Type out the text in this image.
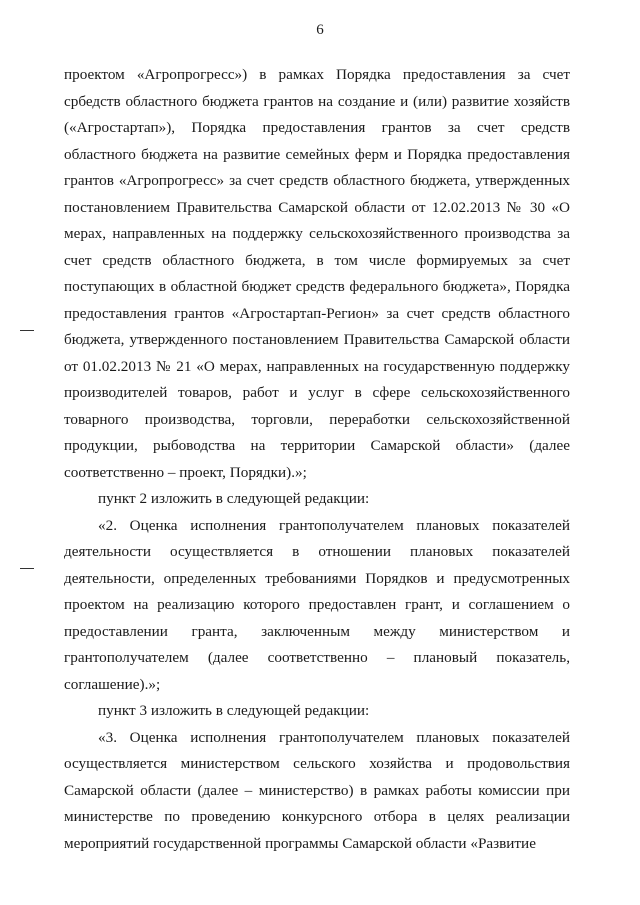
6

проектом «Агропрогресс») в рамках Порядка предоставления за счет србедств областного бюджета грантов на создание и (или) развитие хозяйств («Агростартап»), Порядка предоставления грантов за счет средств областного бюджета на развитие семейных ферм и Порядка предоставления грантов «Агропрогресс» за счет средств областного бюджета, утвержденных постановлением Правительства Самарской области от 12.02.2013 № 30 «О мерах, направленных на поддержку сельскохозяйственного производства за счет средств областного бюджета, в том числе формируемых за счет поступающих в областной бюджет средств федерального бюджета», Порядка предоставления грантов «Агростартап-Регион» за счет средств областного бюджета, утвержденного постановлением Правительства Самарской области от 01.02.2013 № 21 «О мерах, направленных на государственную поддержку производителей товаров, работ и услуг в сфере сельскохозяйственного товарного производства, торговли, переработки сельскохозяйственной продукции, рыбоводства на территории Самарской области» (далее соответственно – проект, Порядки).»;

пункт 2 изложить в следующей редакции:

«2. Оценка исполнения грантополучателем плановых показателей деятельности осуществляется в отношении плановых показателей деятельности, определенных требованиями Порядков и предусмотренных проектом на реализацию которого предоставлен грант, и соглашением о предоставлении гранта, заключенным между министерством и грантополучателем (далее соответственно – плановый показатель, соглашение).»;

пункт 3 изложить в следующей редакции:

«3. Оценка исполнения грантополучателем плановых показателей осуществляется министерством сельского хозяйства и продовольствия Самарской области (далее – министерство) в рамках работы комиссии при министерстве по проведению конкурсного отбора в целях реализации мероприятий государственной программы Самарской области «Развитие
